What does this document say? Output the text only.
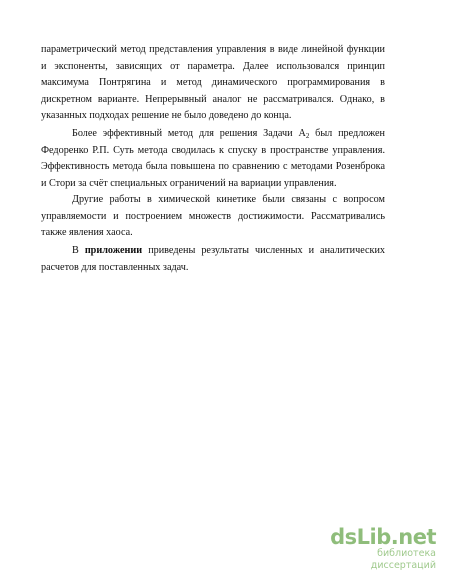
параметрический метод представления управления в виде линейной функции и экспоненты, зависящих от параметра. Далее использовался принцип максимума Понтрягина и метод динамического программирования в дискретном варианте. Непрерывный аналог не рассматривался. Однако, в указанных подходах решение не было доведено до конца.

Более эффективный метод для решения Задачи $А_2$ был предложен Федоренко Р.П. Суть метода сводилась к спуску в пространстве управления. Эффективность метода была повышена по сравнению с методами Розенброка и Стори за счёт специальных ограничений на вариации управления.

Другие работы в химической кинетике были связаны с вопросом управляемости и построением множеств достижимости. Рассматривались также явления хаоса.

В приложении приведены результаты численных и аналитических расчетов для поставленных задач.

dsLib.net
библиотека диссертаций
